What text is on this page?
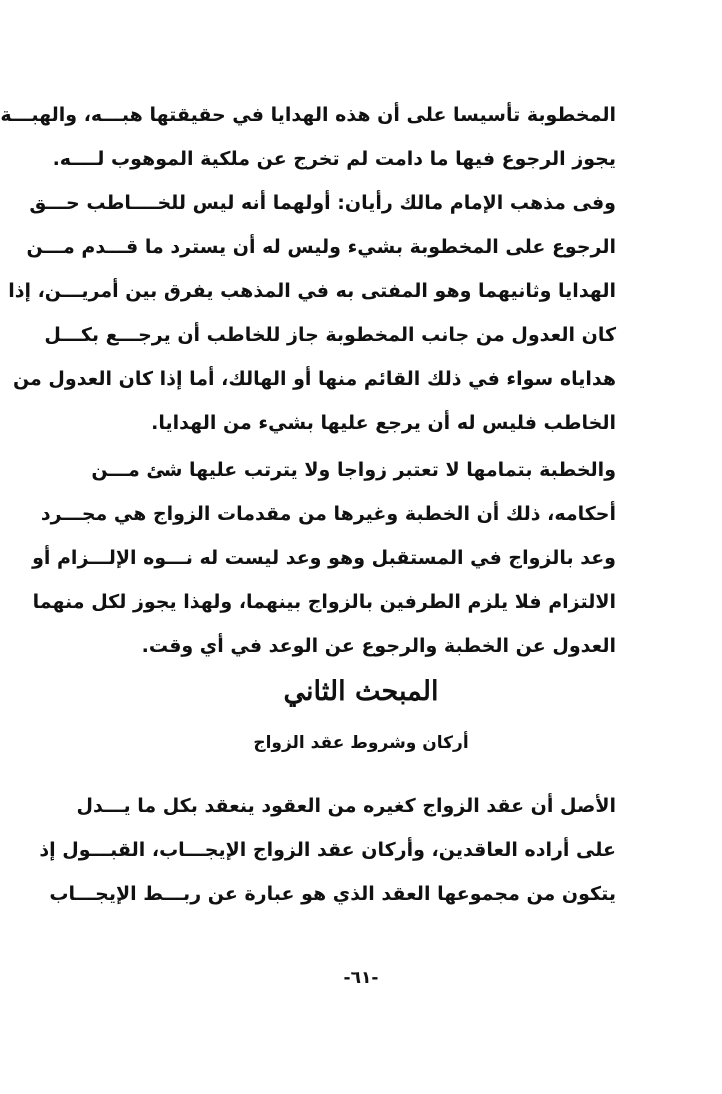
المخطوبة تأسيسا على أن هذه الهدايا في حقيقتها هبـــه، والهبـــة
يجوز الرجوع فيها ما دامت لم تخرج عن ملكية الموهوب لــــه.
وفى مذهب الإمام مالك رأيان: أولهما أنه ليس للخــــاطب حـــق
الرجوع على المخطوبة بشيء وليس له أن يسترد ما قـــدم مـــن
الهدايا وثانيهما وهو المفتى به في المذهب يفرق بين أمريـــن، إذا
كان العدول من جانب المخطوبة جاز للخاطب أن يرجـــع بكـــل
هداياه سواء في ذلك القائم منها أو الهالك، أما إذا كان العدول من
الخاطب فليس له أن يرجع عليها بشيء من الهدايا.
والخطبة بتمامها لا تعتبر زواجا ولا يترتب عليها شئ مـــن
أحكامه، ذلك أن الخطبة وغيرها من مقدمات الزواج هي مجـــرد
وعد بالزواج في المستقبل وهو وعد ليست له نـــوه الإلـــزام أو
الالتزام فلا يلزم الطرفين بالزواج بينهما، ولهذا يجوز لكل منهما
العدول عن الخطبة والرجوع عن الوعد في أي وقت.
المبحث الثاني
أركان وشروط عقد الزواج
الأصل أن عقد الزواج كغيره من العقود ينعقد بكل ما يـــدل
على أراده العاقدين، وأركان عقد الزواج الإيجـــاب، القبـــول إذ
يتكون من مجموعها العقد الذي هو عبارة عن ربـــط الإيجـــاب
-٦١-
